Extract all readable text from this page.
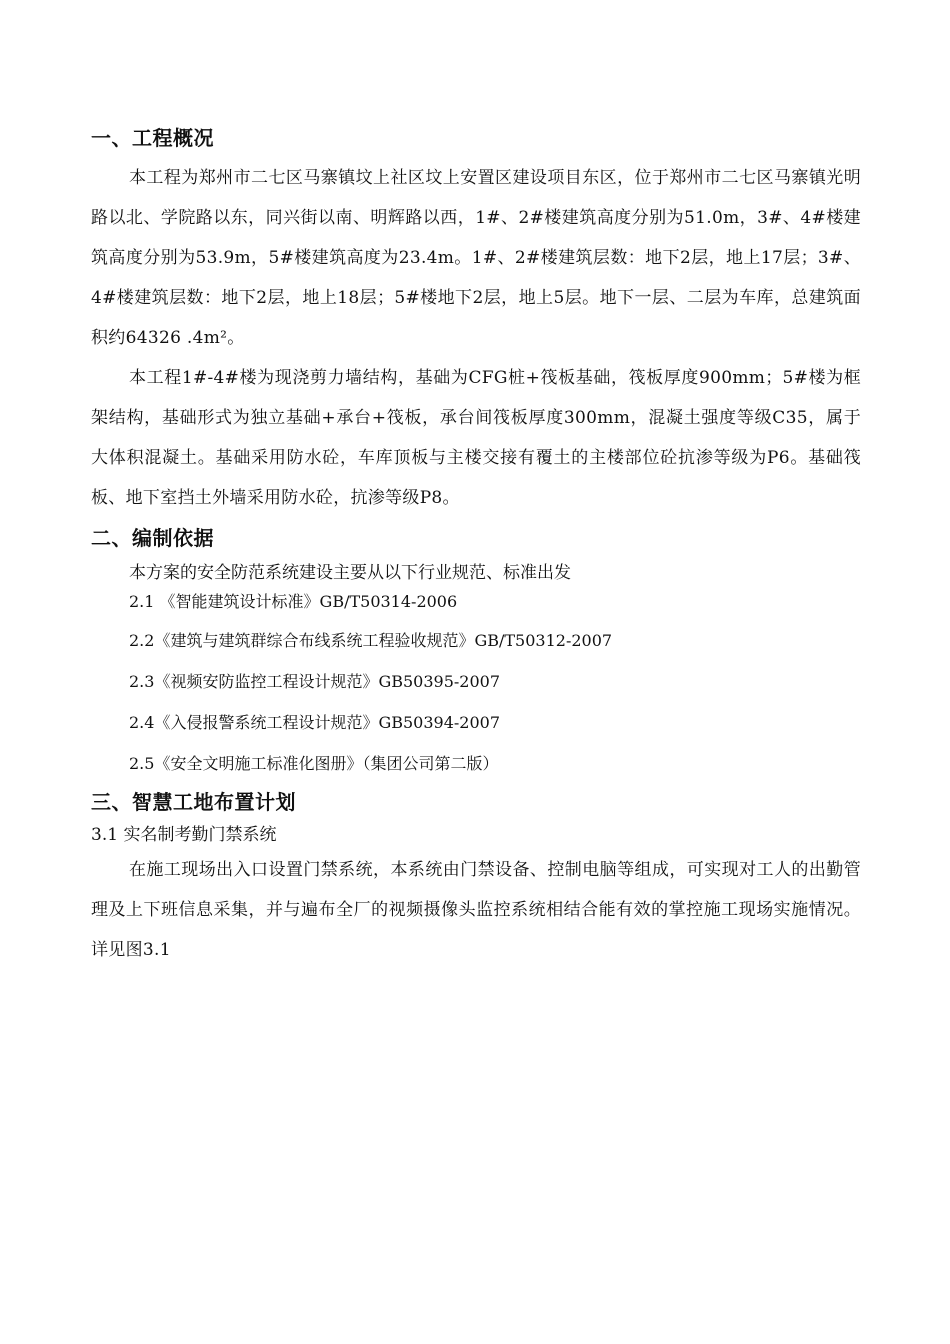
一、工程概况

本工程为郑州市二七区马寨镇坟上社区坟上安置区建设项目东区，位于郑州市二七区马寨镇光明路以北、学院路以东，同兴街以南、明辉路以西，1#、2#楼建筑高度分别为51.0m，3#、4#楼建筑高度分别为53.9m，5#楼建筑高度为23.4m。1#、2#楼建筑层数：地下2层，地上17层；3#、4#楼建筑层数：地下2层，地上18层；5#楼地下2层，地上5层。地下一层、二层为车库，总建筑面积约64326 .4m²。

本工程1#-4#楼为现浇剪力墙结构，基础为CFG桩+筏板基础，筏板厚度900mm；5#楼为框架结构，基础形式为独立基础+承台+筏板，承台间筏板厚度300mm，混凝土强度等级C35，属于大体积混凝土。基础采用防水砼，车库顶板与主楼交接有覆土的主楼部位砼抗渗等级为P6。基础筏板、地下室挡土外墙采用防水砼，抗渗等级P8。

二、编制依据

本方案的安全防范系统建设主要从以下行业规范、标准出发

2.1 《智能建筑设计标准》GB/T50314-2006
2.2《建筑与建筑群综合布线系统工程验收规范》GB/T50312-2007
2.3《视频安防监控工程设计规范》GB50395-2007
2.4《入侵报警系统工程设计规范》GB50394-2007
2.5《安全文明施工标准化图册》（集团公司第二版）
三、智慧工地布置计划

3.1 实名制考勤门禁系统

在施工现场出入口设置门禁系统，本系统由门禁设备、控制电脑等组成，可实现对工人的出勤管理及上下班信息采集，并与遍布全厂的视频摄像头监控系统相结合能有效的掌控施工现场实施情况。详见图3.1
